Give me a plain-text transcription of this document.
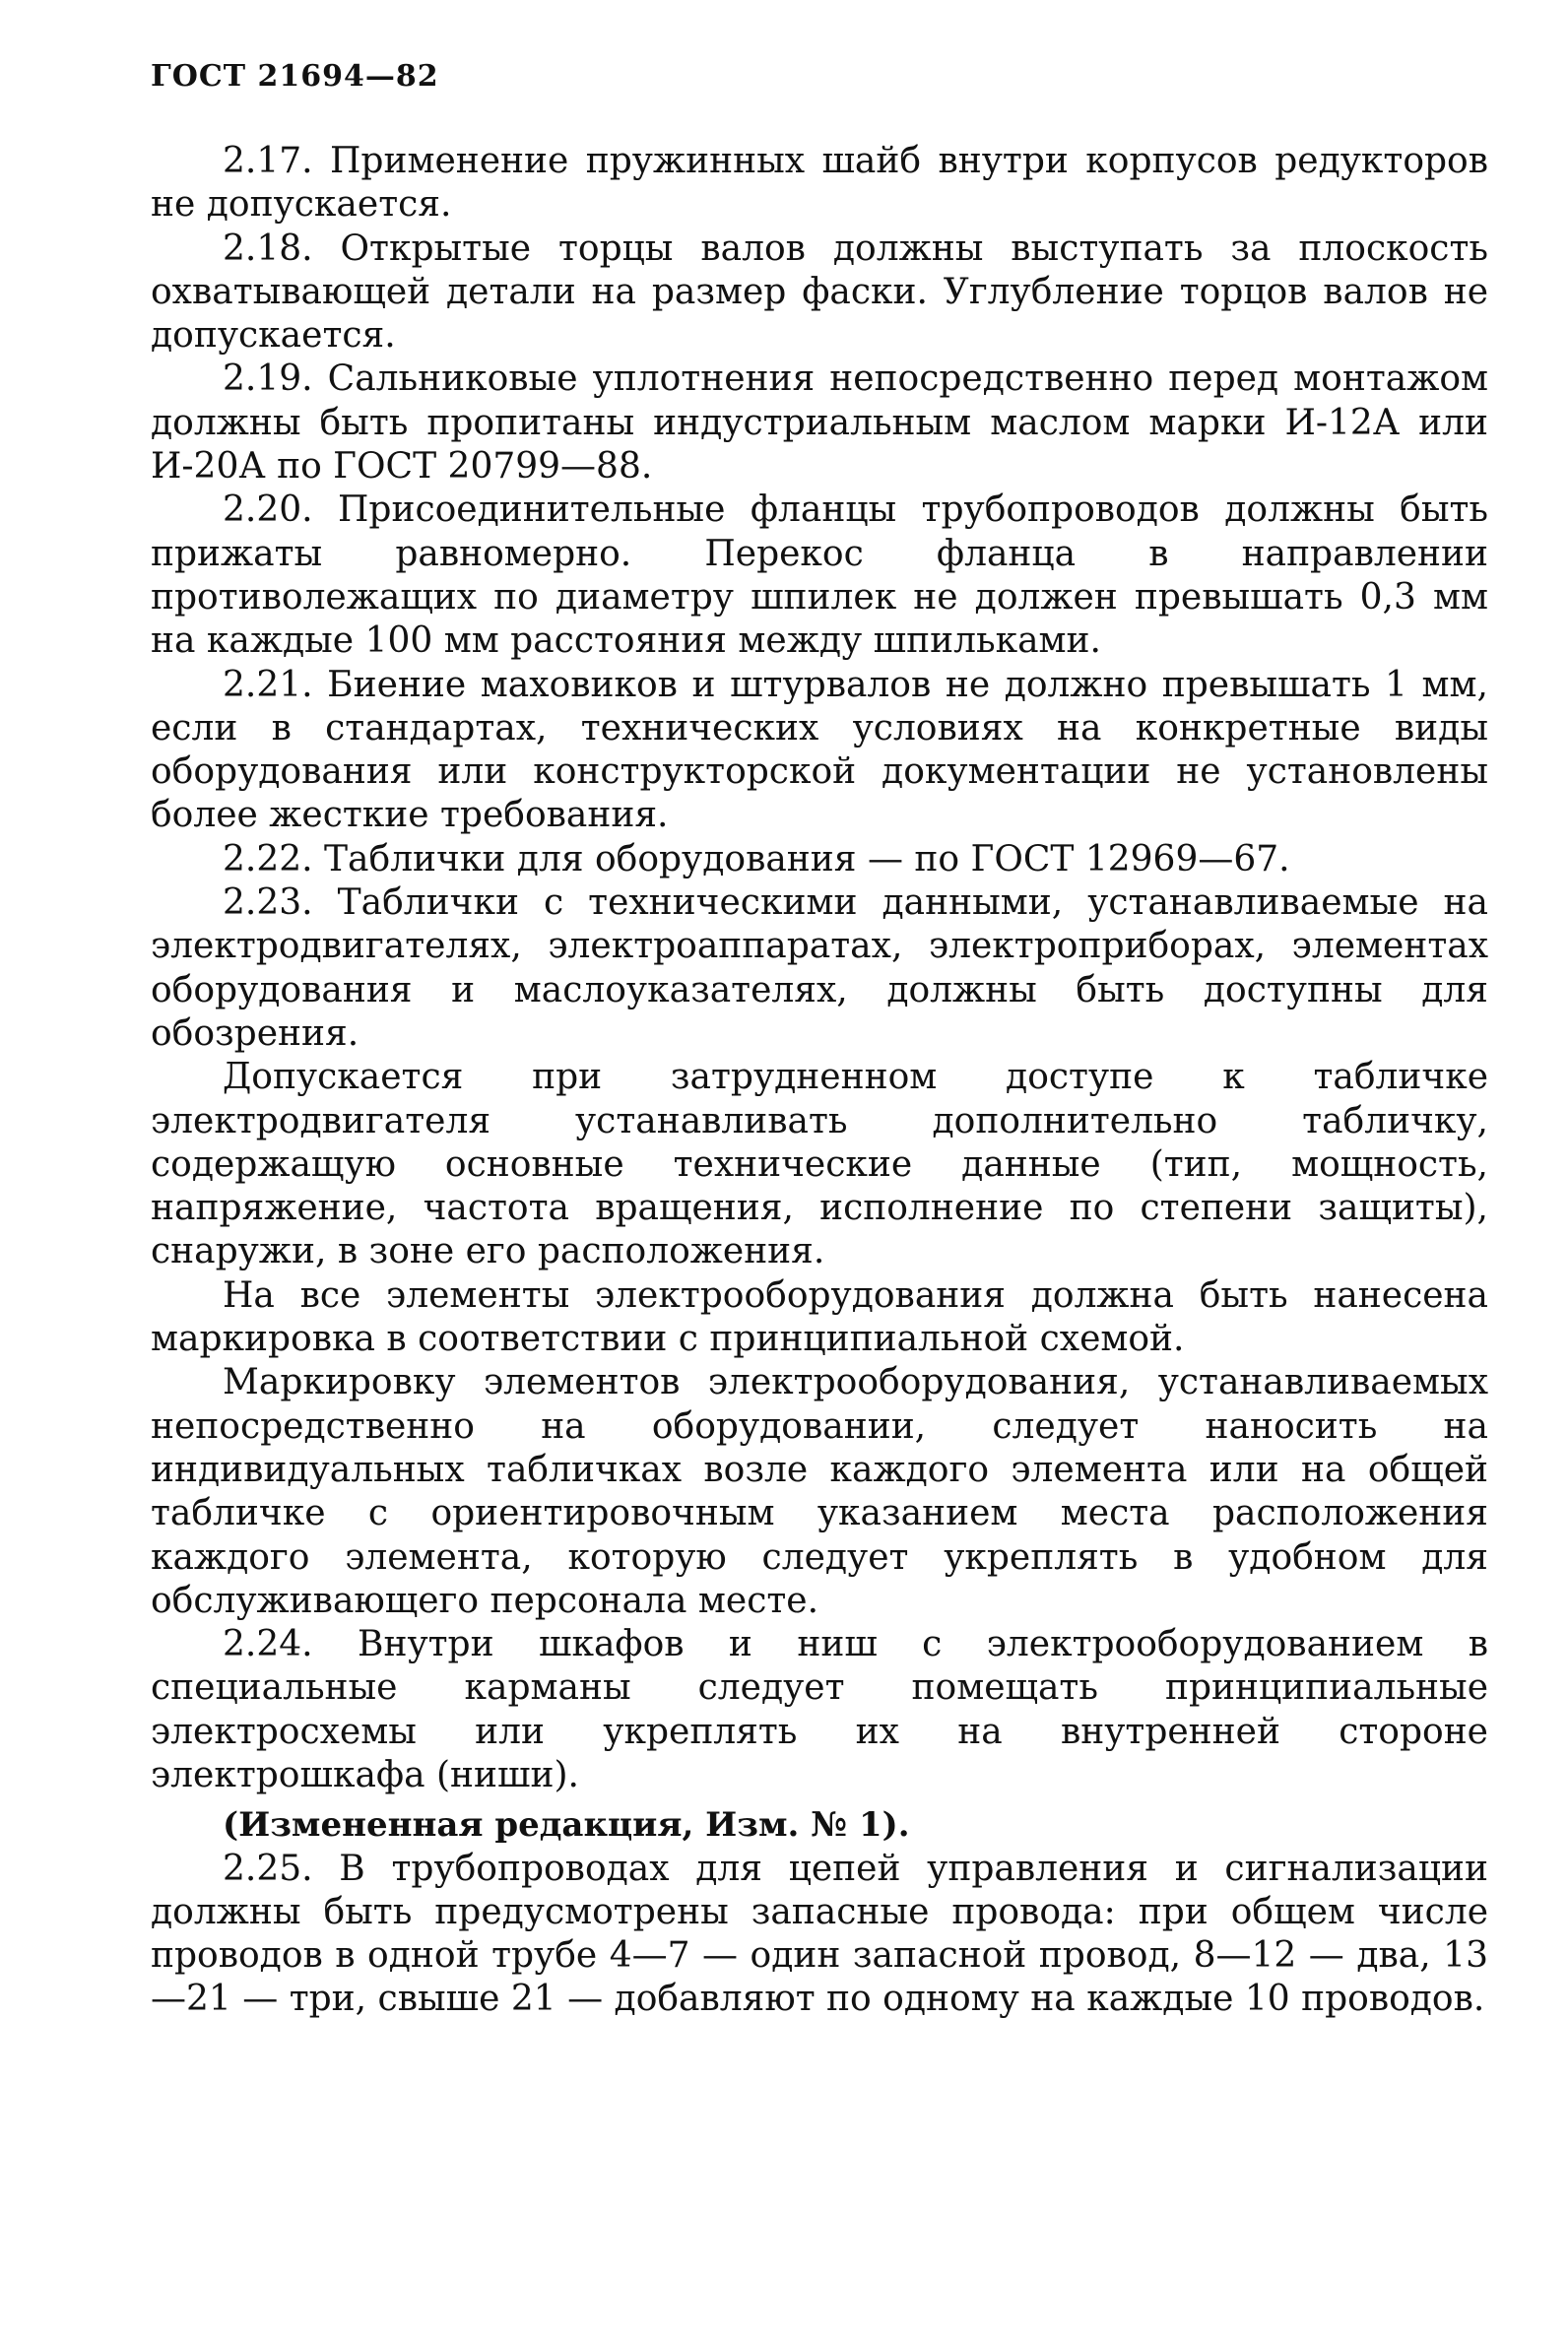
ГОСТ 21694—82

2.17. Применение пружинных шайб внутри корпусов редукторов не допускается.

2.18. Открытые торцы валов должны выступать за плоскость охватывающей детали на размер фаски. Углубление торцов валов не допускается.

2.19. Сальниковые уплотнения непосредственно перед монтажом должны быть пропитаны индустриальным маслом марки И-12А или И-20А по ГОСТ 20799—88.

2.20. Присоединительные фланцы трубопроводов должны быть прижаты равномерно. Перекос фланца в направлении противолежащих по диаметру шпилек не должен превышать 0,3 мм на каждые 100 мм расстояния между шпильками.

2.21. Биение маховиков и штурвалов не должно превышать 1 мм, если в стандартах, технических условиях на конкретные виды оборудования или конструкторской документации не установлены более жесткие требования.

2.22. Таблички для оборудования — по ГОСТ 12969—67.

2.23. Таблички с техническими данными, устанавливаемые на электродвигателях, электроаппаратах, электроприборах, элементах оборудования и маслоуказателях, должны быть доступны для обозрения.

Допускается при затрудненном доступе к табличке электродвигателя устанавливать дополнительно табличку, содержащую основные технические данные (тип, мощность, напряжение, частота вращения, исполнение по степени защиты), снаружи, в зоне его расположения.

На все элементы электрооборудования должна быть нанесена маркировка в соответствии с принципиальной схемой.

Маркировку элементов электрооборудования, устанавливаемых непосредственно на оборудовании, следует наносить на индивидуальных табличках возле каждого элемента или на общей табличке с ориентировочным указанием места расположения каждого элемента, которую следует укреплять в удобном для обслуживающего персонала месте.

2.24. Внутри шкафов и ниш с электрооборудованием в специальные карманы следует помещать принципиальные электросхемы или укреплять их на внутренней стороне электрошкафа (ниши).

(Измененная редакция, Изм. № 1).

2.25. В трубопроводах для цепей управления и сигнализации должны быть предусмотрены запасные провода: при общем числе проводов в одной трубе 4—7 — один запасной провод, 8—12 — два, 13—21 — три, свыше 21 — добавляют по одному на каждые 10 проводов.
